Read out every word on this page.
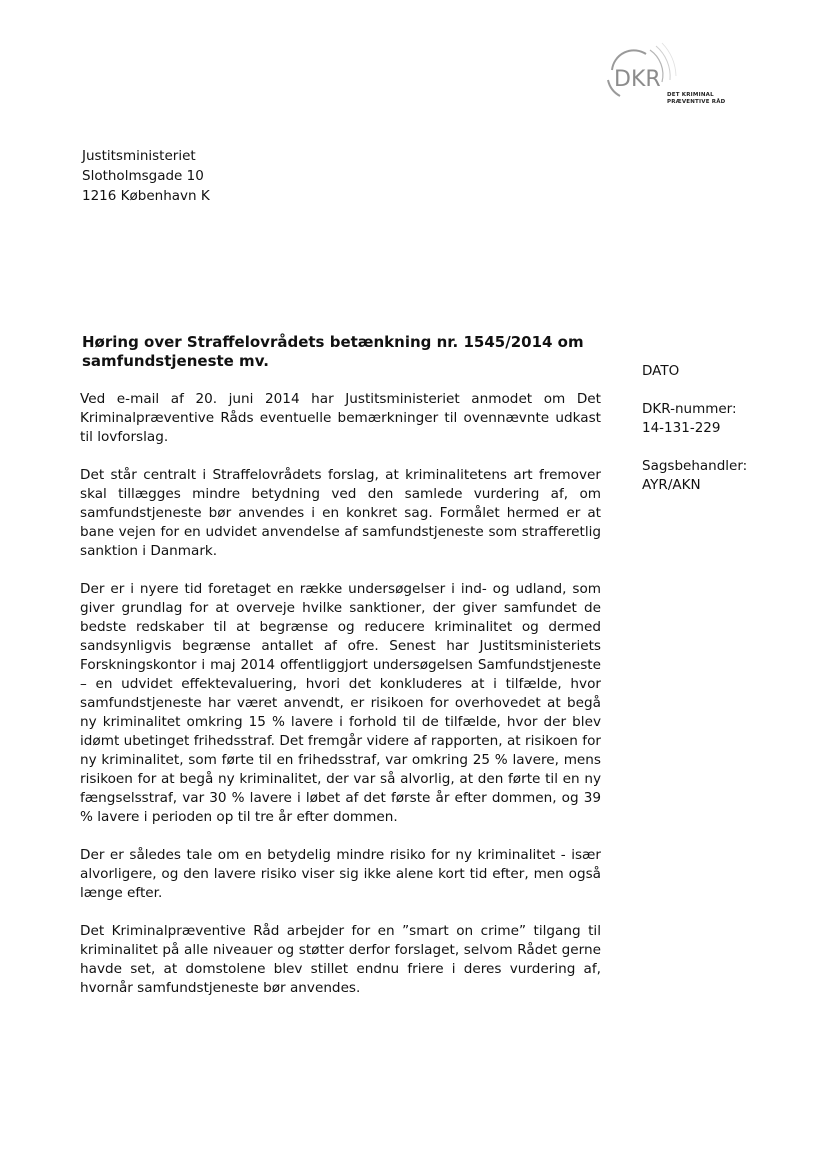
DKR
DET KRIMINAL
PRÆVENTIVE RÅD
Justitsministeriet
Slotholmsgade 10
1216 København K
Høring over Straffelovrådets betænkning nr. 1545/2014 om samfundstjeneste mv.
DATO
DKR-nummer:
14-131-229
Sagsbehandler:
AYR/AKN

Ved e-mail af 20. juni 2014 har Justitsministeriet anmodet om Det Kriminalpræventive Råds eventuelle bemærkninger til ovennævnte udkast til lovforslag.

Det står centralt i Straffelovrådets forslag, at kriminalitetens art fremover skal tillægges mindre betydning ved den samlede vurdering af, om samfundstjeneste bør anvendes i en konkret sag. Formålet hermed er at bane vejen for en udvidet anvendelse af samfundstjeneste som strafferetlig sanktion i Danmark.

Der er i nyere tid foretaget en række undersøgelser i ind- og udland, som giver grundlag for at overveje hvilke sanktioner, der giver samfundet de bedste redskaber til at begrænse og reducere kriminalitet og dermed sandsynligvis begrænse antallet af ofre. Senest har Justitsministeriets Forskningskontor i maj 2014 offentliggjort undersøgelsen Samfundstjeneste – en udvidet effektevaluering, hvori det konkluderes at i tilfælde, hvor samfundstjeneste har været anvendt, er risikoen for overhovedet at begå ny kriminalitet omkring 15 % lavere i forhold til de tilfælde, hvor der blev idømt ubetinget frihedsstraf. Det fremgår videre af rapporten, at risikoen for ny kriminalitet, som førte til en frihedsstraf, var omkring 25 % lavere, mens risikoen for at begå ny kriminalitet, der var så alvorlig, at den førte til en ny fængselsstraf, var 30 % lavere i løbet af det første år efter dommen, og 39 % lavere i perioden op til tre år efter dommen.

Der er således tale om en betydelig mindre risiko for ny kriminalitet - især alvorligere, og den lavere risiko viser sig ikke alene kort tid efter, men også længe efter.

Det Kriminalpræventive Råd arbejder for en ”smart on crime” tilgang til kriminalitet på alle niveauer og støtter derfor forslaget, selvom Rådet gerne havde set, at domstolene blev stillet endnu friere i deres vurdering af, hvornår samfundstjeneste bør anvendes.
